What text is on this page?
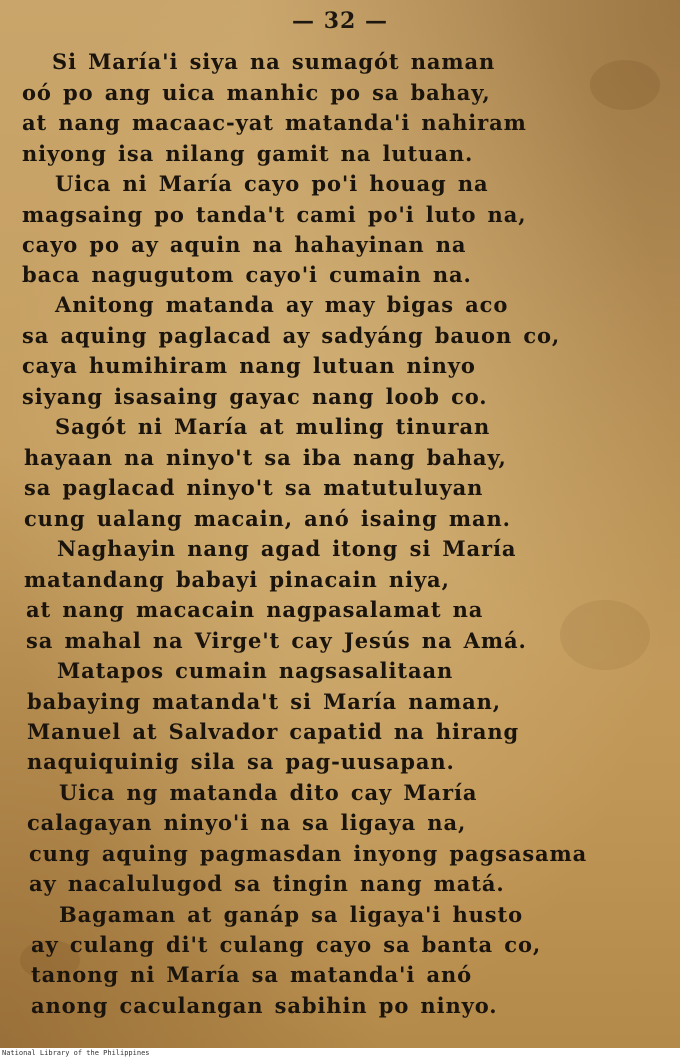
— 32 —
Si María'i siya na sumagót naman
oó po ang uica manhic po sa bahay,
at nang macaac-yat matanda'i nahiram
niyong isa nilang gamit na lutuan.
Uica ni María cayo po'i houag na
magsaing po tanda't cami po'i luto na,
cayo po ay aquin na hahayinan na
baca nagugutom cayo'i cumain na.
Anitong matanda ay may bigas aco
sa aquing paglacad ay sadyáng bauon co,
caya humihiram nang lutuan ninyo
siyang isasaing gayac nang loob co.
Sagót ni María at muling tinuran
hayaan na ninyo't sa iba nang bahay,
sa paglacad ninyo't sa matutuluyan
cung ualang macain, anó isaing man.
Naghayin nang agad itong si María
matandang babayi pinacain niya,
at nang macacain nagpasalamat na
sa mahal na Virge't cay Jesús na Amá.
Matapos cumain nagsasalitaan
babaying matanda't si María naman,
Manuel at Salvador capatid na hirang
naquiquinig sila sa pag-uusapan.
Uica ng matanda dito cay María
calagayan ninyo'i na sa ligaya na,
cung aquing pagmasdan inyong pagsasama
ay nacalulugod sa tingin nang matá.
Bagaman at ganáp sa ligaya'i husto
ay culang di't culang cayo sa banta co,
tanong ni María sa matanda'i anó
anong caculangan sabihin po ninyo.
National Library of the Philippines
